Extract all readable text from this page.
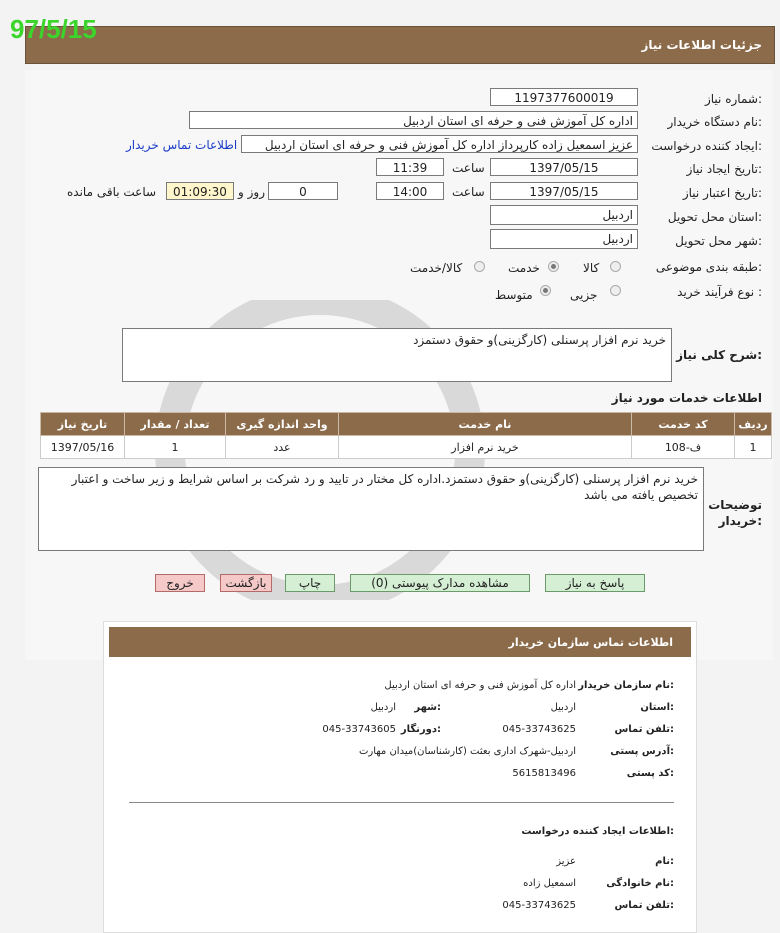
97/5/15
جزئیات اطلاعات نیاز
شماره نیاز:
1197377600019
نام دستگاه خریدار:
اداره کل آموزش فنی و حرفه ای استان اردبیل
ایجاد کننده درخواست:
عزیز اسمعیل زاده کارپرداز اداره کل آموزش فنی و حرفه ای استان اردبیل
اطلاعات تماس خریدار
تاریخ ایجاد نیاز:
1397/05/15
ساعت
11:39
تاریخ اعتبار نیاز:
1397/05/15
ساعت
14:00
0
روز و
01:09:30
ساعت باقی مانده
استان محل تحویل:
اردبیل
شهر محل تحویل:
اردبیل
طبقه بندی موضوعی:
کالا
خدمت
کالا/خدمت
نوع فرآیند خرید :
جزیی
متوسط
شرح کلی نیاز:
خرید نرم افزار پرسنلی (کارگزینی)و حقوق دستمزد
اطلاعات خدمات مورد نیاز
ردیف	کد خدمت	نام خدمت	واحد اندازه گیری	تعداد / مقدار	تاریخ نیاز
1	ف-108	خرید نرم افزار	عدد	1	1397/05/16
توضیحات خریدار:
خرید نرم افزار پرسنلی (کارگزینی)و حقوق دستمزد.اداره کل مختار در تایید و رد شرکت بر اساس شرایط و زیر ساخت و اعتبار تخصیص یافته می باشد
پاسخ به نیاز
مشاهده مدارک پیوستی (0)
چاپ
بازگشت
خروج
اطلاعات تماس سازمان خریدار
نام سازمان خریدار:
اداره کل آموزش فنی و حرفه ای استان اردبیل
استان:
اردبیل
شهر:
اردبیل
تلفن تماس:
045-33743625
دورنگار:
045-33743605
آدرس پستی:
اردبیل-شهرک اداری بعثت (کارشناسان)میدان مهارت
کد پستی:
5615813496
اطلاعات ایجاد کننده درخواست:
نام:
عزیز
نام خانوادگی:
اسمعیل زاده
تلفن تماس:
045-33743625
